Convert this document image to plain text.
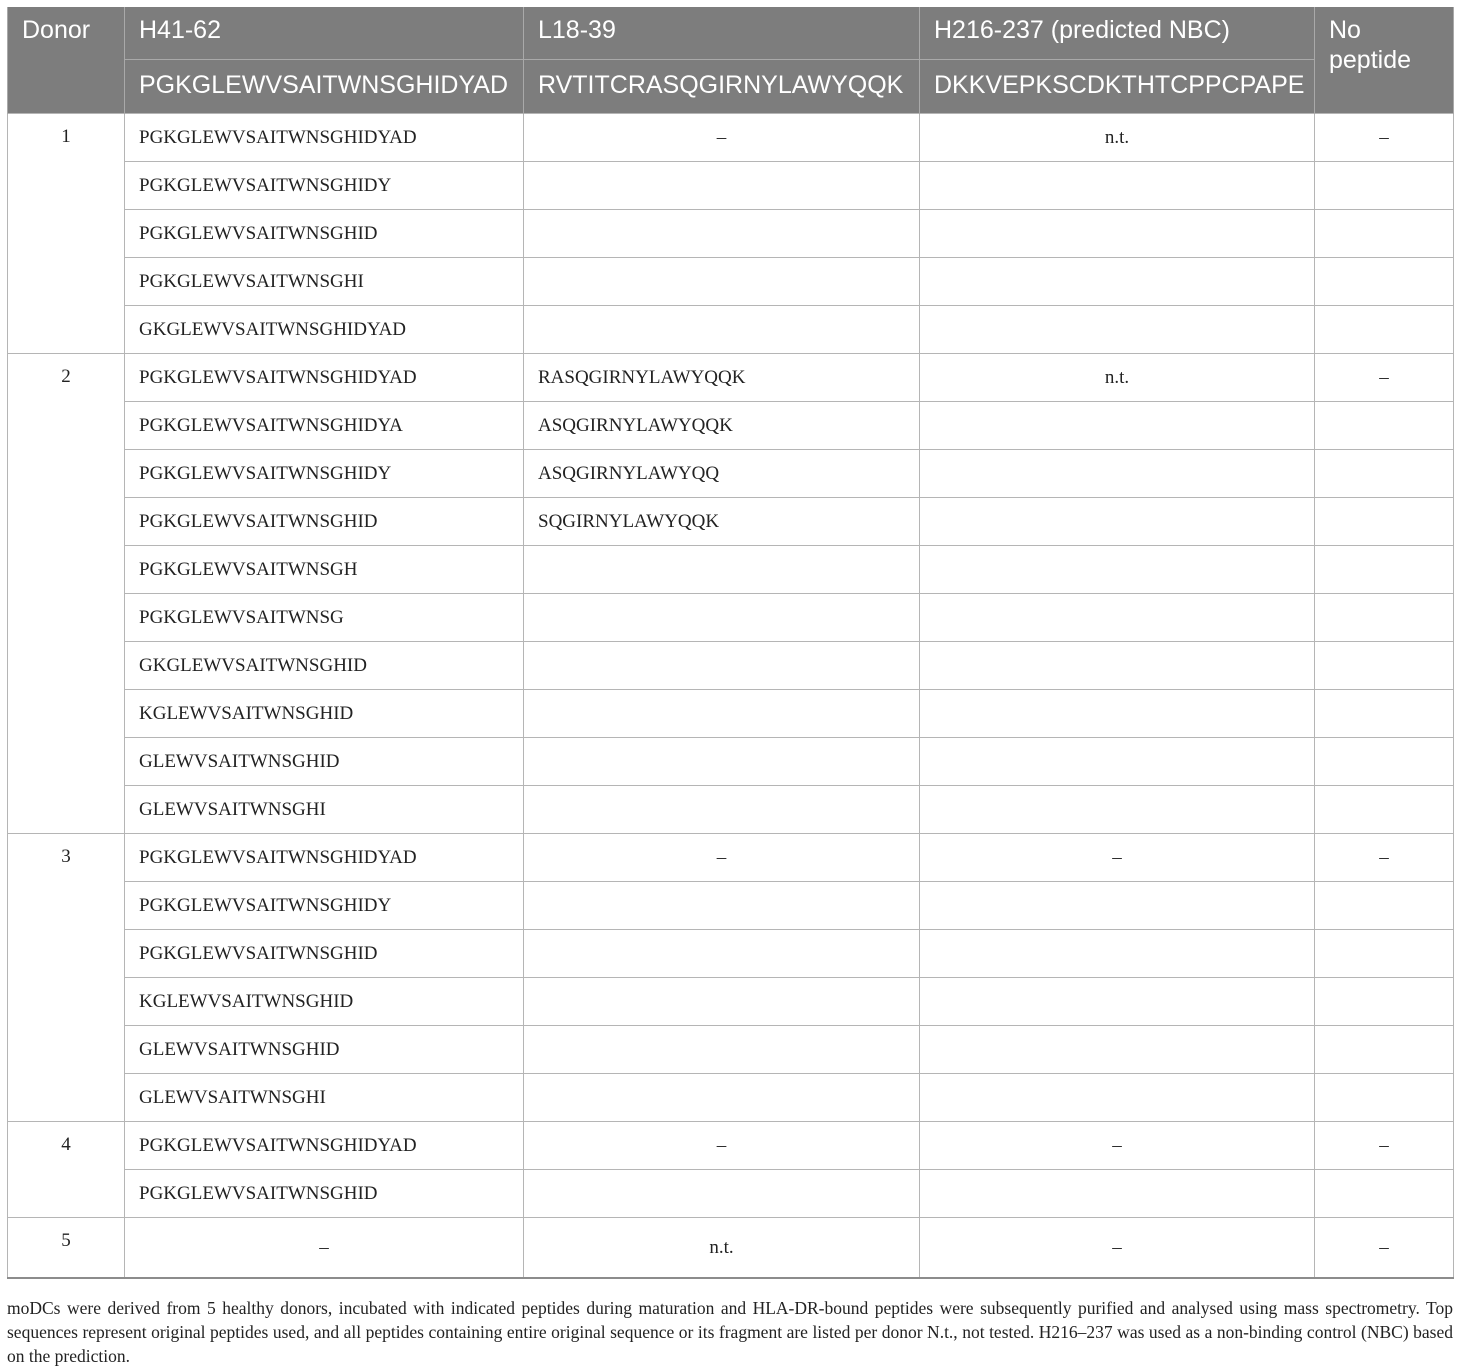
Donor	H41-62	L18-39	H216-237 (predicted NBC)	No peptide
	PGKGLEWVSAITWNSGHIDYAD	RVTITCRASQGIRNYLAWYQQK	DKKVEPKSCDKTHTCPPCPAPE	
1	PGKGLEWVSAITWNSGHIDYAD	–	n.t.	–
	PGKGLEWVSAITWNSGHIDY			
	PGKGLEWVSAITWNSGHID			
	PGKGLEWVSAITWNSGHI			
	GKGLEWVSAITWNSGHIDYAD			
2	PGKGLEWVSAITWNSGHIDYAD	RASQGIRNYLAWYQQK	n.t.	–
	PGKGLEWVSAITWNSGHIDYA	ASQGIRNYLAWYQQK		
	PGKGLEWVSAITWNSGHIDY	ASQGIRNYLAWYQQ		
	PGKGLEWVSAITWNSGHID	SQGIRNYLAWYQQK		
	PGKGLEWVSAITWNSGH			
	PGKGLEWVSAITWNSG			
	GKGLEWVSAITWNSGHID			
	KGLEWVSAITWNSGHID			
	GLEWVSAITWNSGHID			
	GLEWVSAITWNSGHI			
3	PGKGLEWVSAITWNSGHIDYAD	–	–	–
	PGKGLEWVSAITWNSGHIDY			
	PGKGLEWVSAITWNSGHID			
	KGLEWVSAITWNSGHID			
	GLEWVSAITWNSGHID			
	GLEWVSAITWNSGHI			
4	PGKGLEWVSAITWNSGHIDYAD	–	–	–
	PGKGLEWVSAITWNSGHID			
5	–	n.t.	–	–

moDCs were derived from 5 healthy donors, incubated with indicated peptides during maturation and HLA-DR-bound peptides were subsequently purified and analysed using mass spectrometry. Top sequences represent original peptides used, and all peptides containing entire original sequence or its fragment are listed per donor N.t., not tested. H216–237 was used as a non-binding control (NBC) based on the prediction.
